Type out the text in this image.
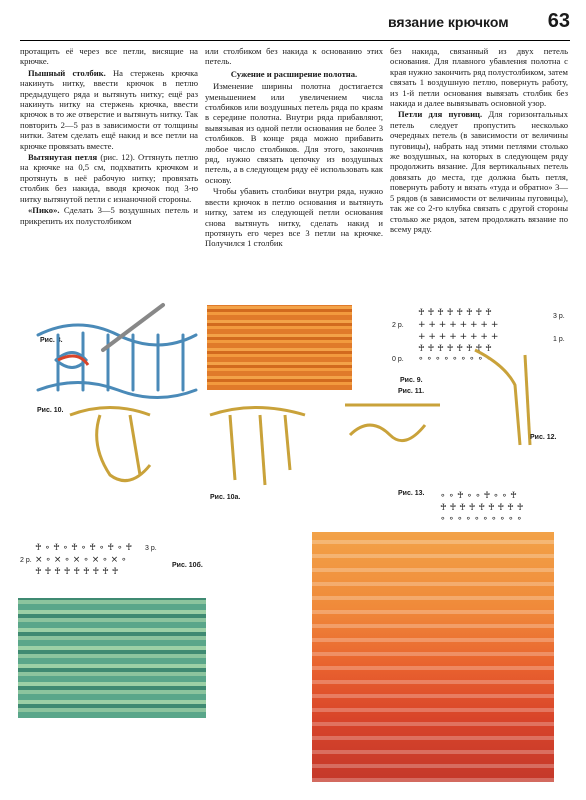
вязание крючком 63

протащить её через все петли, висящие на крючке.

Пышный столбик. На стержень крючка накинуть нитку, ввести крючок в петлю предыдущего ряда и вытянуть нитку; ещё раз накинуть нитку на стержень крючка, ввести крючок в то же отверстие и вытянуть нитку. Так повторить 2—5 раз в зависимости от толщины нитки. Затем сделать ещё накид и все петли на крючке провязать вместе.

Вытянутая петля (рис. 12). Оттянуть петлю на крючке на 0,5 см, подхватить крючком и протянуть в неё рабочую нитку; провязать столбик без накида, вводя крючок под 3-ю нитку вытянутой петли с изнаночной стороны.

«Пико». Сделать 3—5 воздушных петель и прикрепить их полустолбиком

или столбиком без накида к основанию этих петель.

Сужение и расширение полотна.

Изменение ширины полотна достигается уменьшением или увеличением числа столбиков или воздушных петель ряда по краям в середине полотна. Внутри ряда прибавляют, вывязывая из одной петли основания не более 3 столбиков. В конце ряда можно прибавить любое число столбиков. Для этого, закончив ряд, нужно связать цепочку из воздушных петель, а в следующем ряду её использовать как основу.

Чтобы убавить столбики внутри ряда, нужно ввести крючок в петлю основания и вытянуть нитку, затем из следующей петли основания снова вытянуть нитку, сделать накид и протянуть его через все 3 петли на крючке. Получился 1 столбик

без накида, связанный из двух петель основания. Для плавного убавления полотна с края нужно закончить ряд полустолбиком, затем связать 1 воздушную петлю, повернуть работу, из 1-й петли основания вывязать столбик без накида и далее вывязывать основной узор.

Петли для пуговиц. Для горизонтальных петель следует пропустить несколько очередных петель (в зависимости от величины пуговицы), набрать над этими петлями столько же воздушных, на которых в следующем ряду продолжить вязание. Для вертикальных петель довязать до места, где должна быть петля, повернуть работу и вязать «туда и обратно» 3—5 рядов (в зависимости от величины пуговицы), так же со 2-го клубка связать с другой стороны столько же рядов, затем продолжать вязание по всему ряду.

Рис. 8.
♰ ♰ ♰ ♰ ♰ ♰ ♰ ♰
+ + + + + + + +
+ + + + + + + +
♰ ♰ ♰ ♰ ♰ ♰ ♰ ♰
∘ ∘ ∘ ∘ ∘ ∘ ∘ ∘ ∘
2 р.
0 р.
3 р.
1 р.
Рис. 9.
Рис. 10.
Рис. 10а.
Рис. 11.
Рис. 12.
Рис. 13. ∘ ∘ ♰ ∘ ∘ ♰ ∘ ∘ ♰
♰ ♰ ♰ ♰ ♰ ♰ ♰ ♰ ♰
∘ ∘ ∘ ∘ ∘ ∘ ∘ ∘ ∘ ∘
♰ ∘ ♰ ∘ ♰ ∘ ♰ ∘ ♰ ∘ ♰
× ∘ × ∘ × ∘ × ∘ × ∘
♰ ♰ ♰ ♰ ♰ ♰ ♰ ♰ ♰
2 р.
3 р.
Рис. 10б.
